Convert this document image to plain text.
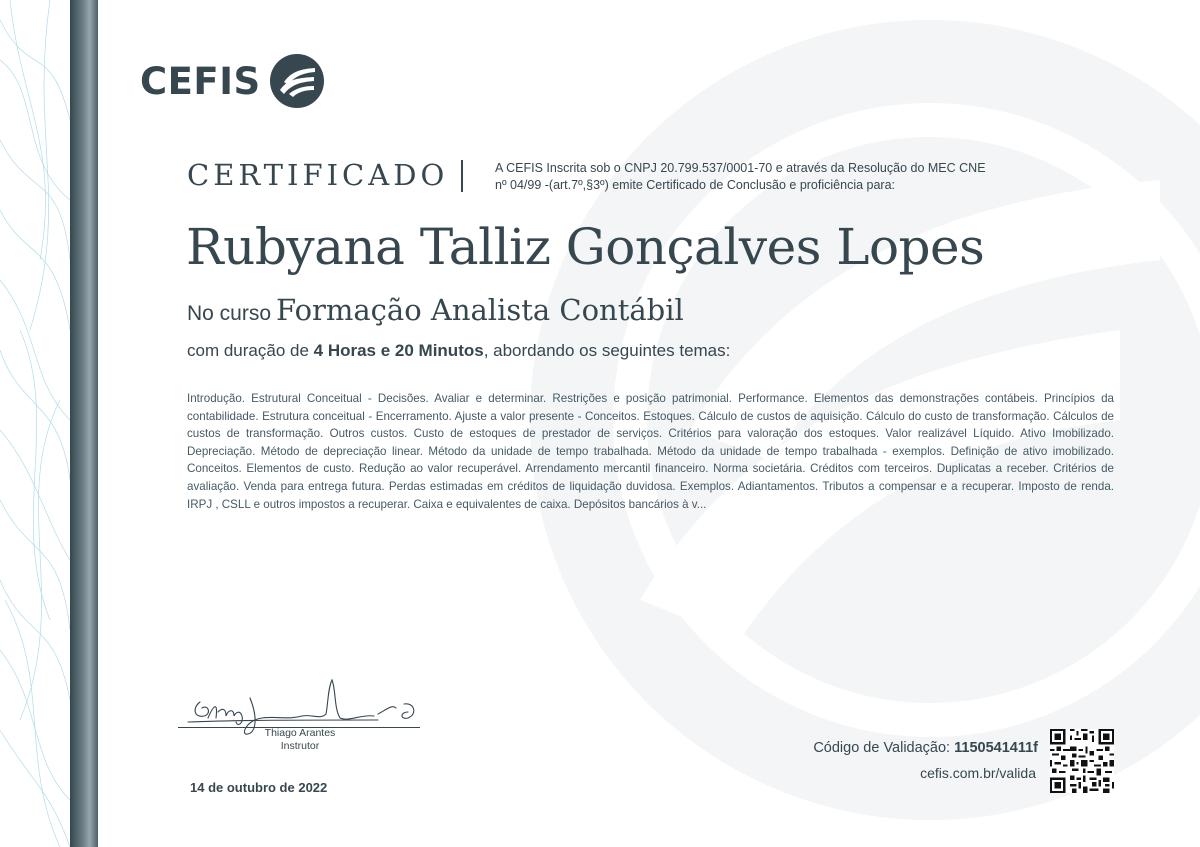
CEFIS
CERTIFICADO	A CEFIS Inscrita sob o CNPJ 20.799.537/0001-70 e através da Resolução do MEC CNE
nº 04/99 -(art.7º,§3º) emite Certificado de Conclusão e proficiência para:
Rubyana Talliz Gonçalves Lopes
No curso Formação Analista Contábil
com duração de 4 Horas e 20 Minutos, abordando os seguintes temas:
Introdução. Estrutural Conceitual - Decisões. Avaliar e determinar. Restrições e posição patrimonial. Performance. Elementos das demonstrações contábeis. Princípios da contabilidade. Estrutura conceitual - Encerramento. Ajuste a valor presente - Conceitos. Estoques. Cálculo de custos de aquisição. Cálculo do custo de transformação. Cálculos de custos de transformação. Outros custos. Custo de estoques de prestador de serviços. Critérios para valoração dos estoques. Valor realizável Líquido. Ativo Imobilizado. Depreciação. Método de depreciação linear. Método da unidade de tempo trabalhada. Método da unidade de tempo trabalhada - exemplos. Definição de ativo imobilizado. Conceitos. Elementos de custo. Redução ao valor recuperável. Arrendamento mercantil financeiro. Norma societária. Créditos com terceiros. Duplicatas a receber. Critérios de avaliação. Venda para entrega futura. Perdas estimadas em créditos de liquidação duvidosa. Exemplos. Adiantamentos. Tributos a compensar e a recuperar. Imposto de renda. IRPJ , CSLL e outros impostos a recuperar. Caixa e equivalentes de caixa. Depósitos bancários à v...
Thiago Arantes
Instrutor
14 de outubro de 2022
Código de Validação: 1150541411f
cefis.com.br/valida
